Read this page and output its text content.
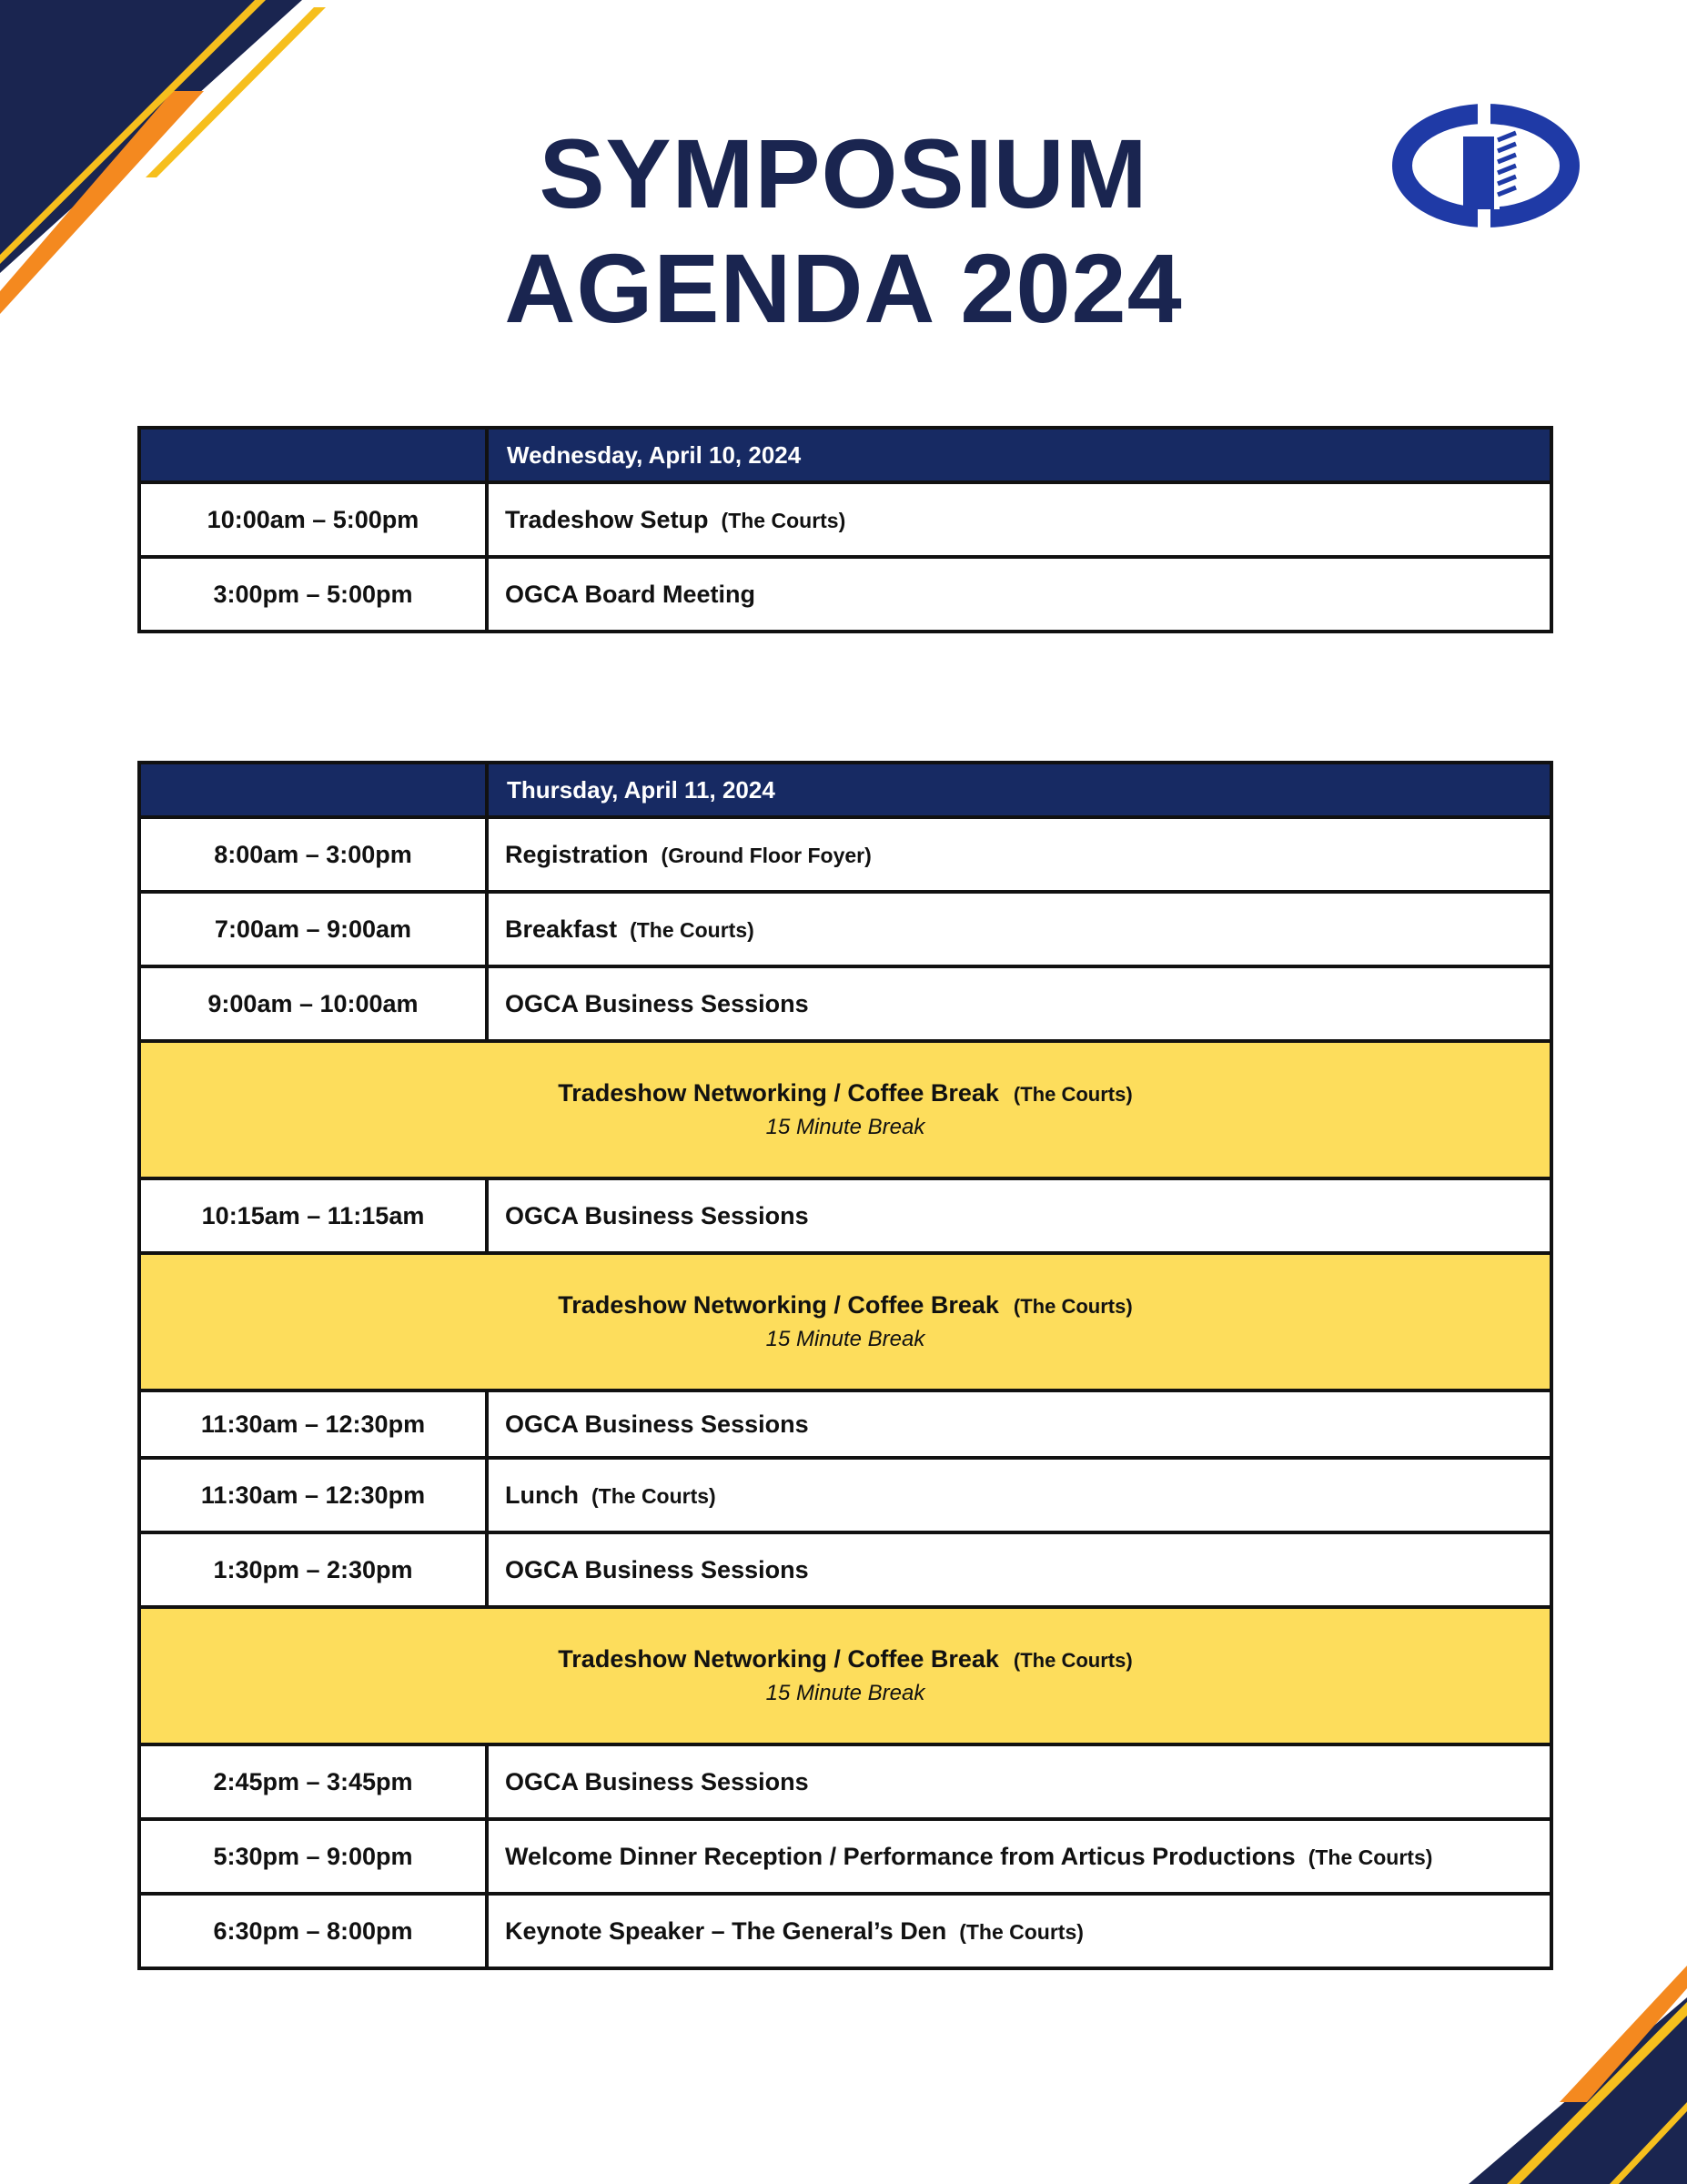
SYMPOSIUM
AGENDA 2024
	Wednesday, April 10, 2024
10:00am – 5:00pm	Tradeshow Setup (The Courts)
3:00pm – 5:00pm	OGCA Board Meeting
	Thursday, April 11, 2024
8:00am – 3:00pm	Registration (Ground Floor Foyer)
7:00am – 9:00am	Breakfast (The Courts)
9:00am – 10:00am	OGCA Business Sessions

Tradeshow Networking / Coffee Break (The Courts)
15 Minute Break	

10:15am – 11:15am	OGCA Business Sessions

Tradeshow Networking / Coffee Break (The Courts)
15 Minute Break	

11:30am – 12:30pm	OGCA Business Sessions
11:30am – 12:30pm	Lunch (The Courts)
1:30pm – 2:30pm	OGCA Business Sessions

Tradeshow Networking / Coffee Break (The Courts)
15 Minute Break	

2:45pm – 3:45pm	OGCA Business Sessions
5:30pm – 9:00pm	Welcome Dinner Reception / Performance from Articus Productions (The Courts)
6:30pm – 8:00pm	Keynote Speaker – The General’s Den (The Courts)
